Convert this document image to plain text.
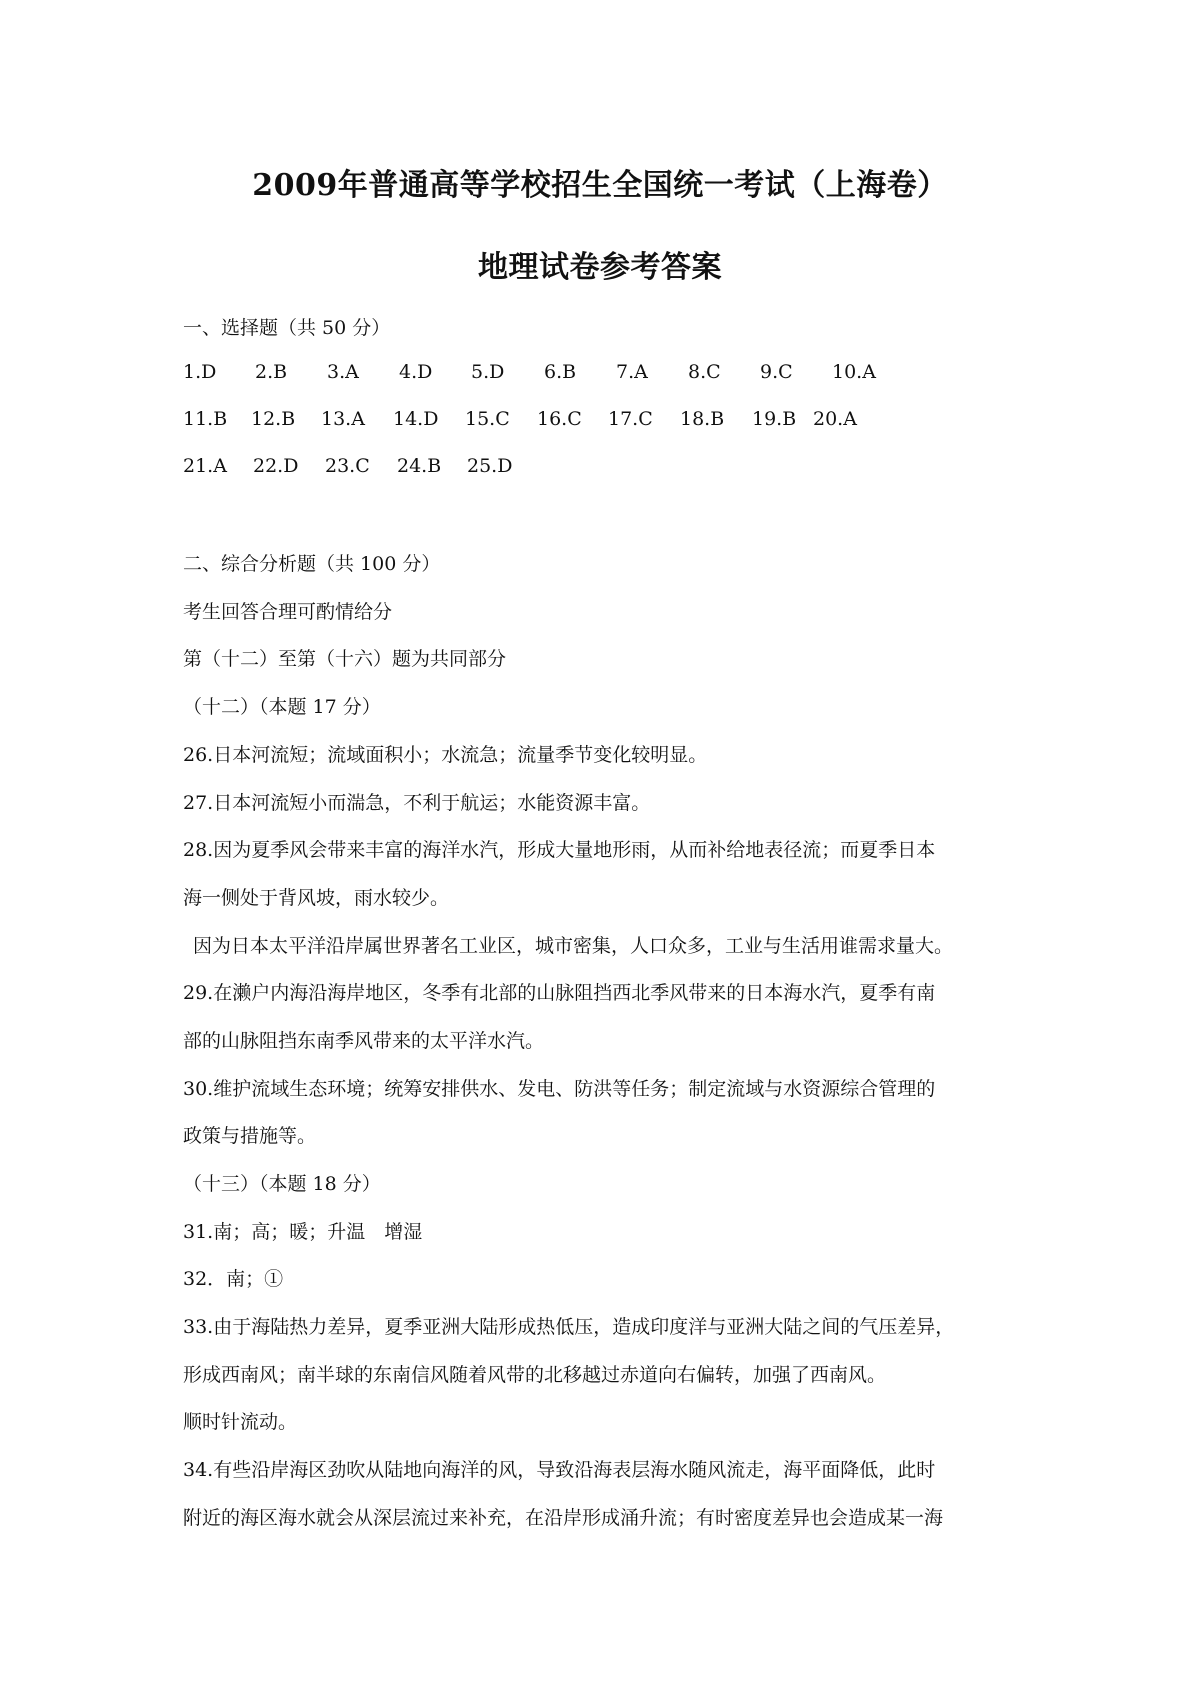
2009年普通高等学校招生全国统一考试（上海卷）
地理试卷参考答案
一、选择题（共 50 分）
1.D 2.B 3.A 4.D 5.D 6.B 7.A 8.C 9.C 10.A
11.B 12.B 13.A 14.D 15.C 16.C 17.C 18.B 19.B 20.A
21.A 22.D 23.C 24.B 25.D
二、综合分析题（共 100 分）
考生回答合理可酌情给分
第（十二）至第（十六）题为共同部分
（十二）（本题 17 分）
26.日本河流短；流域面积小；水流急；流量季节变化较明显。
27.日本河流短小而湍急，不利于航运；水能资源丰富。
28.因为夏季风会带来丰富的海洋水汽，形成大量地形雨，从而补给地表径流；而夏季日本
海一侧处于背风坡，雨水较少。
因为日本太平洋沿岸属世界著名工业区，城市密集，人口众多，工业与生活用谁需求量大。
29.在濑户内海沿海岸地区，冬季有北部的山脉阻挡西北季风带来的日本海水汽，夏季有南
部的山脉阻挡东南季风带来的太平洋水汽。
30.维护流域生态环境；统筹安排供水、发电、防洪等任务；制定流域与水资源综合管理的
政策与措施等。
（十三）（本题 18 分）
31.南；高；暖；升温　增湿
32．南；①
33.由于海陆热力差异，夏季亚洲大陆形成热低压，造成印度洋与亚洲大陆之间的气压差异，
形成西南风；南半球的东南信风随着风带的北移越过赤道向右偏转，加强了西南风。
顺时针流动。
34.有些沿岸海区劲吹从陆地向海洋的风，导致沿海表层海水随风流走，海平面降低，此时
附近的海区海水就会从深层流过来补充，在沿岸形成涌升流；有时密度差异也会造成某一海
